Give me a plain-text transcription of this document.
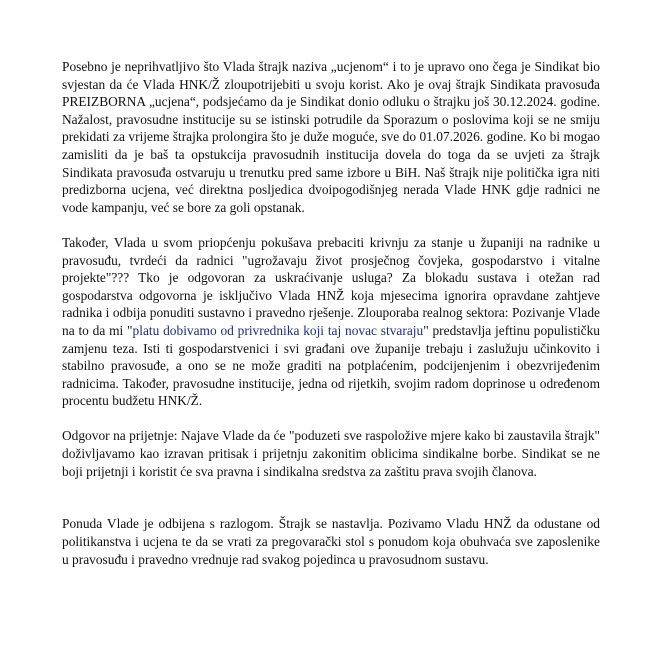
Posebno je neprihvatljivo što Vlada štrajk naziva „ucjenom“ i to je upravo ono čega je Sindikat bio svjestan da će Vlada HNK/Ž zloupotrijebiti u svoju korist. Ako je ovaj štrajk Sindikata pravosuđa PREIZBORNA „ucjena“, podsjećamo da je Sindikat donio odluku o štrajku još 30.12.2024. godine. Nažalost, pravosudne institucije su se istinski potrudile da Sporazum o poslovima koji se ne smiju prekidati za vrijeme štrajka prolongira što je duže moguće, sve do 01.07.2026. godine. Ko bi mogao zamisliti da je baš ta opstukcija pravosudnih institucija dovela do toga da se uvjeti za štrajk Sindikata pravosuđa ostvaruju u trenutku pred same izbore u BiH. Naš štrajk nije politička igra niti predizborna ucjena, već direktna posljedica dvoipogodišnjeg nerada Vlade HNK gdje radnici ne vode kampanju, već se bore za goli opstanak.

Također, Vlada u svom priopćenju pokušava prebaciti krivnju za stanje u županiji na radnike u pravosuđu, tvrdeći da radnici "ugrožavaju život prosječnog čovjeka, gospodarstvo i vitalne projekte"??? Tko je odgovoran za uskraćivanje usluga? Za blokadu sustava i otežan rad gospodarstva odgovorna je isključivo Vlada HNŽ koja mjesecima ignorira opravdane zahtjeve radnika i odbija ponuditi sustavno i pravedno rješenje. Zlouporaba realnog sektora: Pozivanje Vlade na to da mi "platu dobivamo od privrednika koji taj novac stvaraju" predstavlja jeftinu populističku zamjenu teza. Isti ti gospodarstvenici i svi građani ove županije trebaju i zaslužuju učinkovito i stabilno pravosuđe, a ono se ne može graditi na potplaćenim, podcijenjenim i obezvrijeđenim radnicima. Također, pravosudne institucije, jedna od rijetkih, svojim radom doprinose u određenom procentu budžetu HNK/Ž.

Odgovor na prijetnje: Najave Vlade da će "poduzeti sve raspoložive mjere kako bi zaustavila štrajk" doživljavamo kao izravan pritisak i prijetnju zakonitim oblicima sindikalne borbe. Sindikat se ne boji prijetnji i koristit će sva pravna i sindikalna sredstva za zaštitu prava svojih članova.

Ponuda Vlade je odbijena s razlogom. Štrajk se nastavlja. Pozivamo Vladu HNŽ da odustane od politikanstva i ucjena te da se vrati za pregovarački stol s ponudom koja obuhvaća sve zaposlenike u pravosuđu i pravedno vrednuje rad svakog pojedinca u pravosudnom sustavu.
